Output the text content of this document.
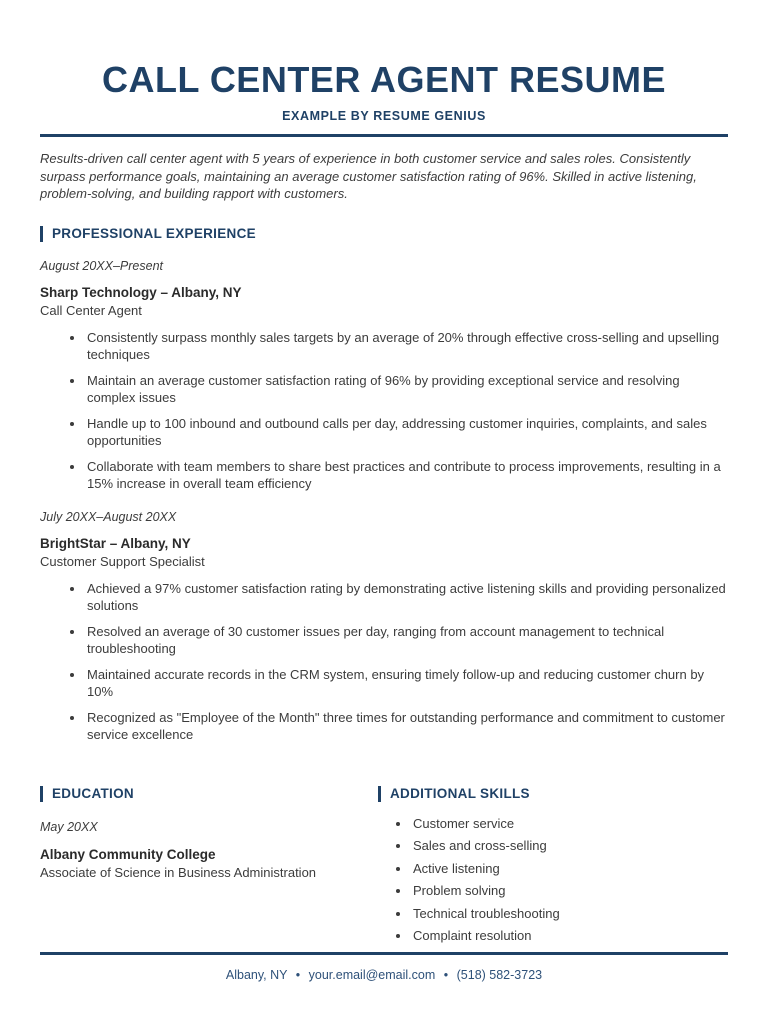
CALL CENTER AGENT RESUME
EXAMPLE BY RESUME GENIUS

Results-driven call center agent with 5 years of experience in both customer service and sales roles. Consistently surpass performance goals, maintaining an average customer satisfaction rating of 96%. Skilled in active listening, problem-solving, and building rapport with customers.

PROFESSIONAL EXPERIENCE
August 20XX–Present
Sharp Technology – Albany, NY
Call Center Agent
• Consistently surpass monthly sales targets by an average of 20% through effective cross-selling and upselling techniques
• Maintain an average customer satisfaction rating of 96% by providing exceptional service and resolving complex issues
• Handle up to 100 inbound and outbound calls per day, addressing customer inquiries, complaints, and sales opportunities
• Collaborate with team members to share best practices and contribute to process improvements, resulting in a 15% increase in overall team efficiency
July 20XX–August 20XX
BrightStar – Albany, NY
Customer Support Specialist
• Achieved a 97% customer satisfaction rating by demonstrating active listening skills and providing personalized solutions
• Resolved an average of 30 customer issues per day, ranging from account management to technical troubleshooting
• Maintained accurate records in the CRM system, ensuring timely follow-up and reducing customer churn by 10%
• Recognized as "Employee of the Month" three times for outstanding performance and commitment to customer service excellence
EDUCATION
May 20XX
Albany Community College
Associate of Science in Business Administration
ADDITIONAL SKILLS
• Customer service
• Sales and cross-selling
• Active listening
• Problem solving
• Technical troubleshooting
• Complaint resolution
Albany, NY • your.email@email.com • (518) 582-3723
